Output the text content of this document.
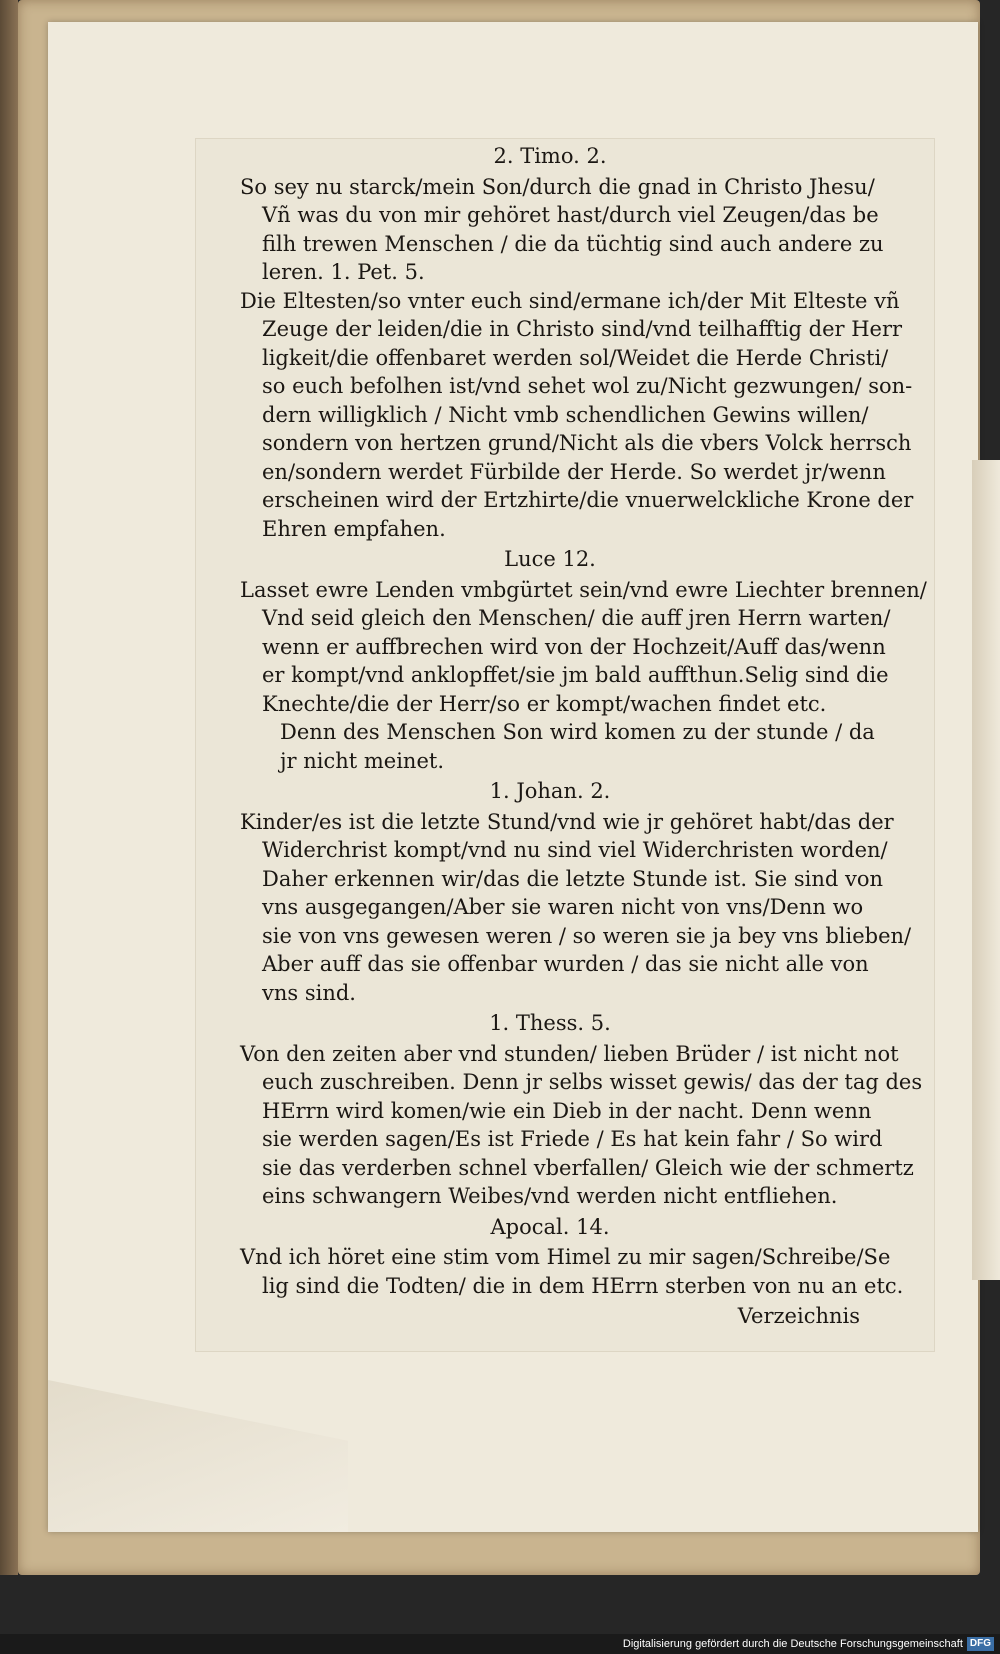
2. Timo. 2.
So sey nu starck/mein Son/durch die gnad in Christo Jhesu/
Vñ was du von mir gehöret hast/durch viel Zeugen/das be
filh trewen Menschen / die da tüchtig sind auch andere zu
leren. 1. Pet. 5.
Die Eltesten/so vnter euch sind/ermane ich/der Mit Elteste vñ
Zeuge der leiden/die in Christo sind/vnd teilhafftig der Herr
ligkeit/die offenbaret werden sol/Weidet die Herde Christi/
so euch befolhen ist/vnd sehet wol zu/Nicht gezwungen/ son-
dern willigklich / Nicht vmb schendlichen Gewins willen/
sondern von hertzen grund/Nicht als die vbers Volck herrsch
en/sondern werdet Fürbilde der Herde. So werdet jr/wenn
erscheinen wird der Ertzhirte/die vnuerwelckliche Krone der
Ehren empfahen.
Luce 12.
Lasset ewre Lenden vmbgürtet sein/vnd ewre Liechter brennen/
Vnd seid gleich den Menschen/ die auff jren Herrn warten/
wenn er auffbrechen wird von der Hochzeit/Auff das/wenn
er kompt/vnd anklopffet/sie jm bald auffthun.Selig sind die
Knechte/die der Herr/so er kompt/wachen findet etc.
Denn des Menschen Son wird komen zu der stunde / da
jr nicht meinet.
1. Johan. 2.
Kinder/es ist die letzte Stund/vnd wie jr gehöret habt/das der
Widerchrist kompt/vnd nu sind viel Widerchristen worden/
Daher erkennen wir/das die letzte Stunde ist. Sie sind von
vns ausgegangen/Aber sie waren nicht von vns/Denn wo
sie von vns gewesen weren / so weren sie ja bey vns blieben/
Aber auff das sie offenbar wurden / das sie nicht alle von
vns sind.
1. Thess. 5.
Von den zeiten aber vnd stunden/ lieben Brüder / ist nicht not
euch zuschreiben. Denn jr selbs wisset gewis/ das der tag des
HErrn wird komen/wie ein Dieb in der nacht. Denn wenn
sie werden sagen/Es ist Friede / Es hat kein fahr / So wird
sie das verderben schnel vberfallen/ Gleich wie der schmertz
eins schwangern Weibes/vnd werden nicht entfliehen.
Apocal. 14.
Vnd ich höret eine stim vom Himel zu mir sagen/Schreibe/Se
lig sind die Todten/ die in dem HErrn sterben von nu an etc.
Verzeichnis
Digitalisierung gefördert durch die Deutsche Forschungsgemeinschaft DFG
